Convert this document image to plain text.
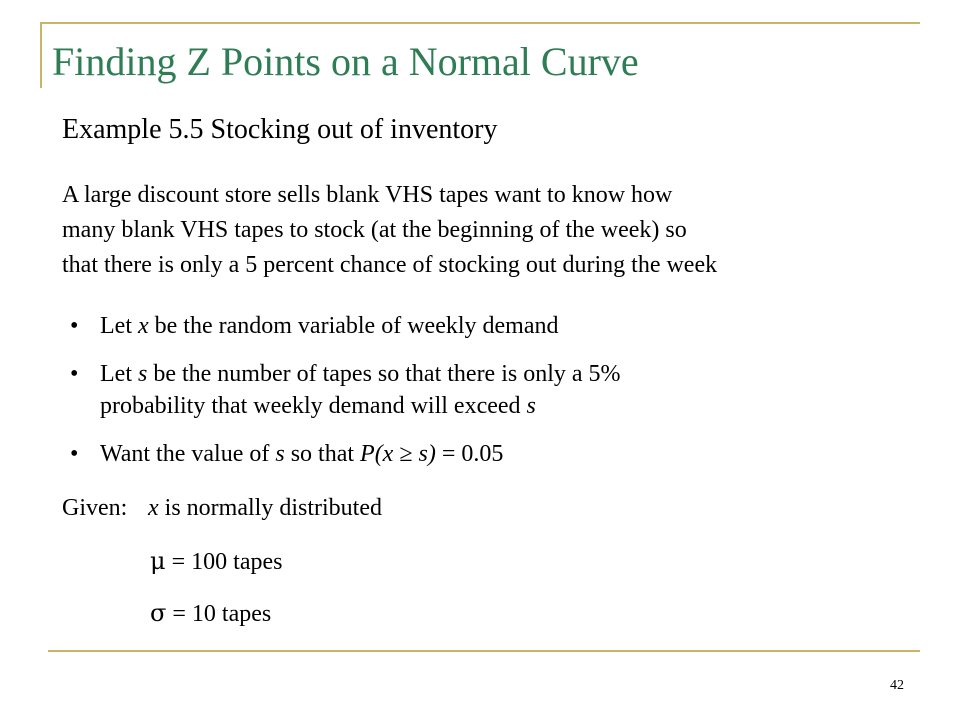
Finding Z Points on a Normal Curve
Example 5.5 Stocking out of inventory
A large discount store sells blank VHS tapes want to know how
many blank VHS tapes to stock (at the beginning of the week) so
that there is only a 5 percent chance of stocking out during the week
• Let x be the random variable of weekly demand
• Let s be the number of tapes so that there is only a 5%
probability that weekly demand will exceed s
• Want the value of s so that P(x ≥ s) = 0.05
Given: x is normally distributed
μ = 100 tapes
σ = 10 tapes
42
